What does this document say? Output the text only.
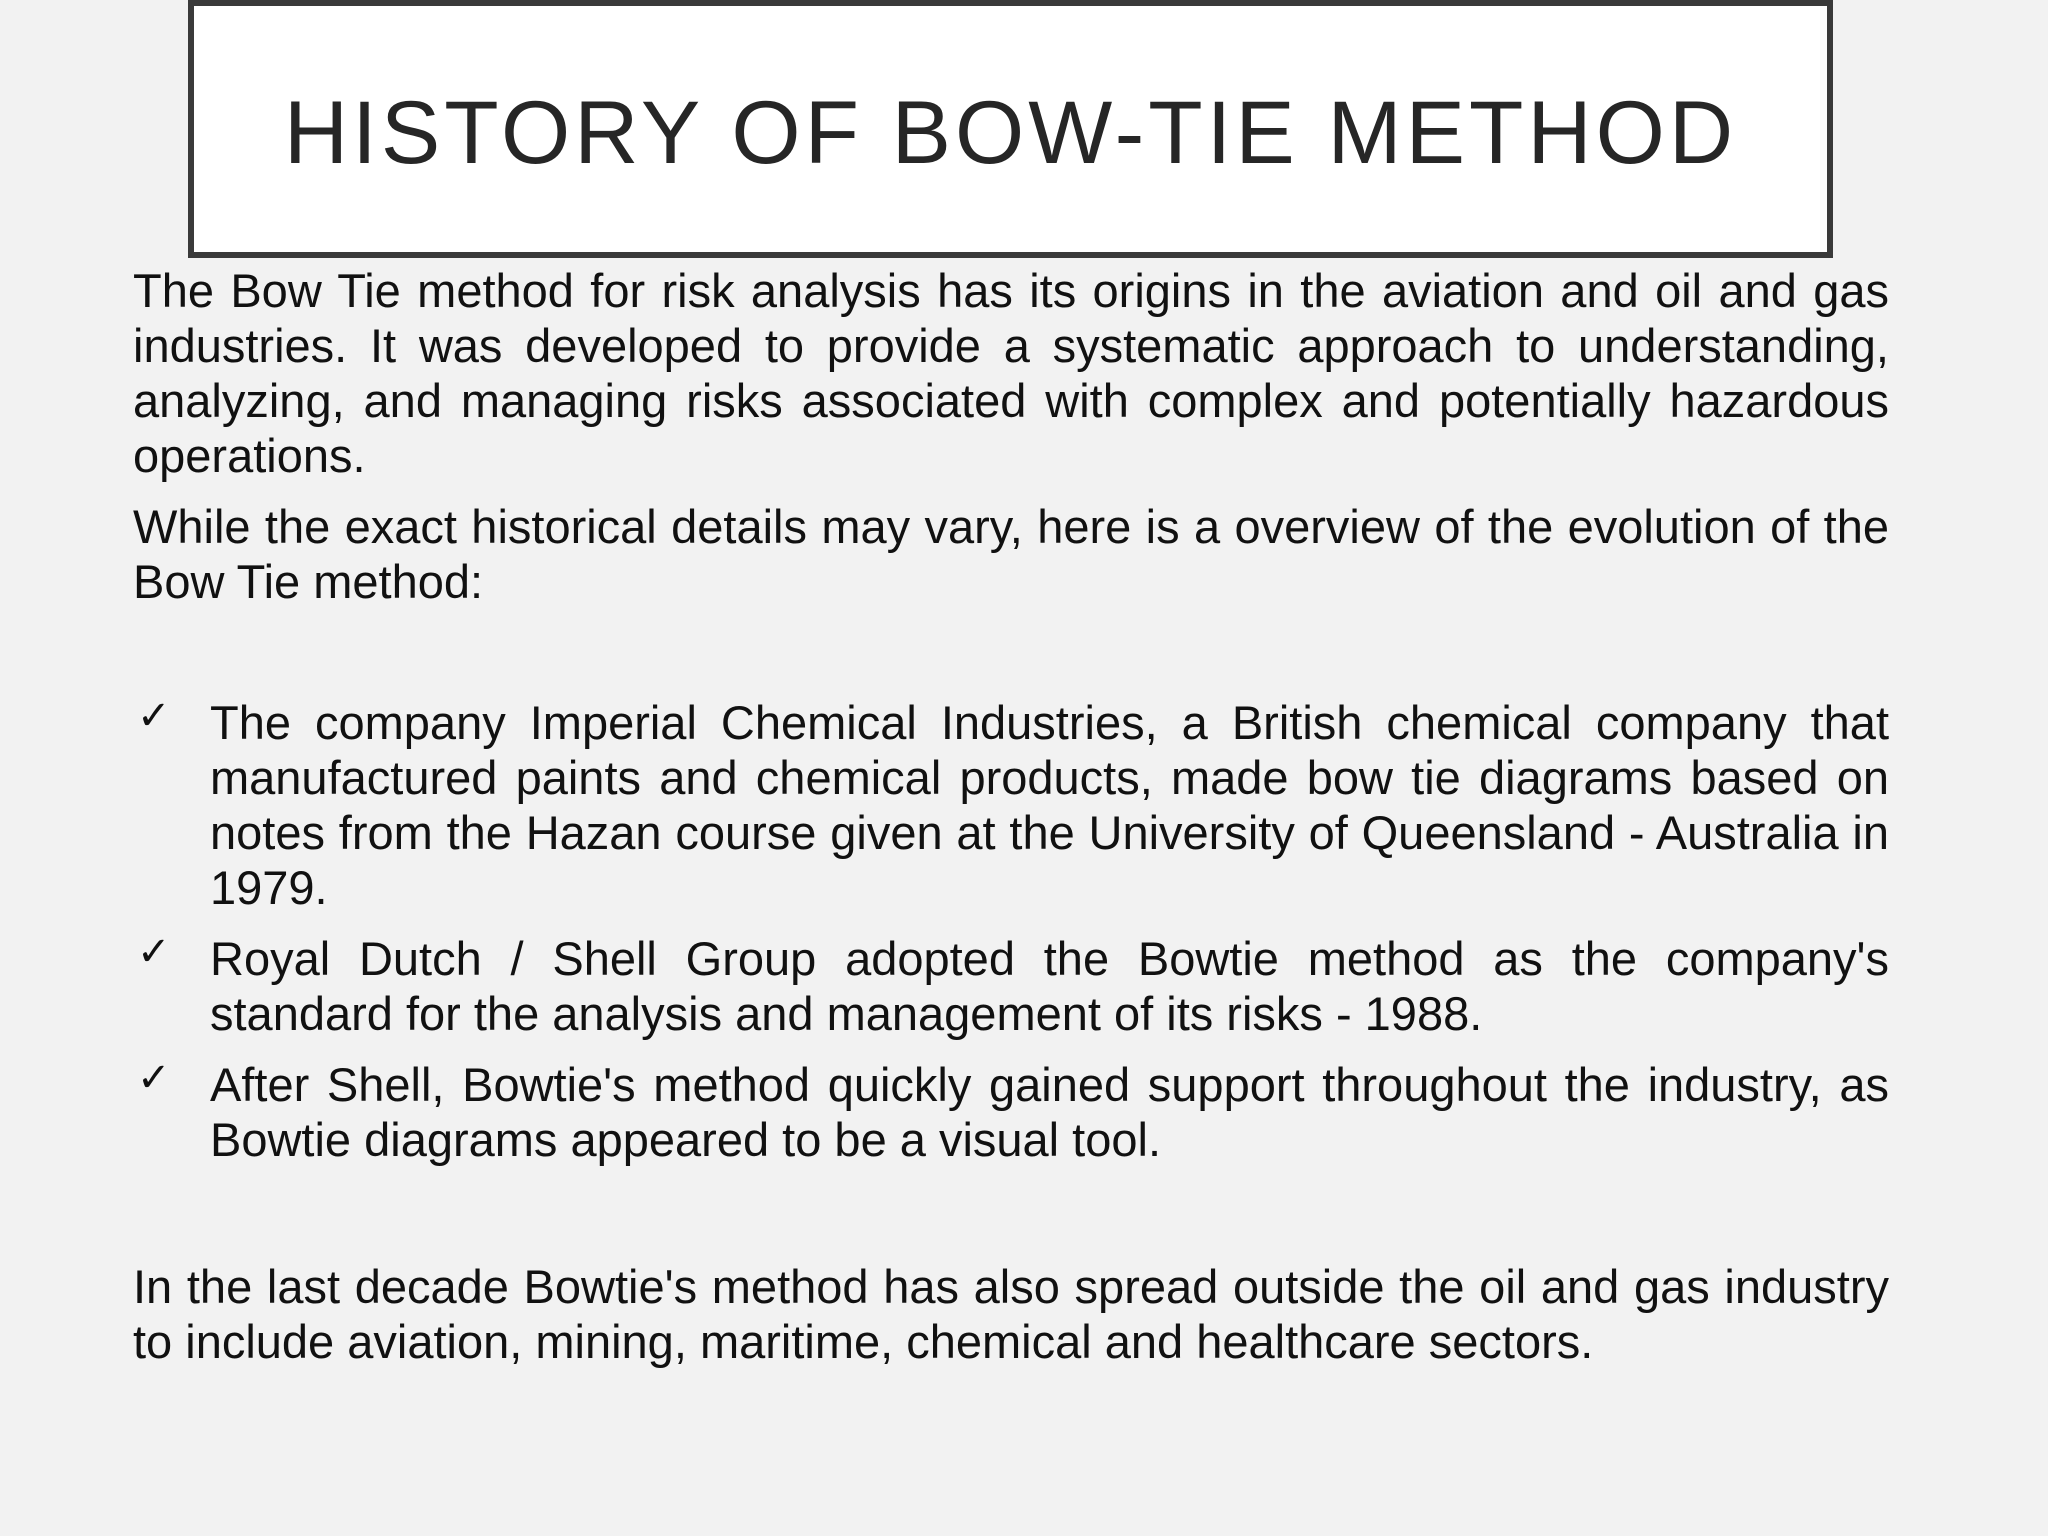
HISTORY OF BOW-TIE METHOD

The Bow Tie method for risk analysis has its origins in the aviation and oil and gas industries. It was developed to provide a systematic approach to understanding, analyzing, and managing risks associated with complex and potentially hazardous operations.

While the exact historical details may vary, here is a overview of the evolution of the Bow Tie method:

✓ The company Imperial Chemical Industries, a British chemical company that manufactured paints and chemical products, made bow tie diagrams based on notes from the Hazan course given at the University of Queensland - Australia in 1979.
✓ Royal Dutch / Shell Group adopted the Bowtie method as the company's standard for the analysis and management of its risks - 1988.
✓ After Shell, Bowtie's method quickly gained support throughout the industry, as Bowtie diagrams appeared to be a visual tool.

In the last decade Bowtie's method has also spread outside the oil and gas industry to include aviation, mining, maritime, chemical and healthcare sectors.
